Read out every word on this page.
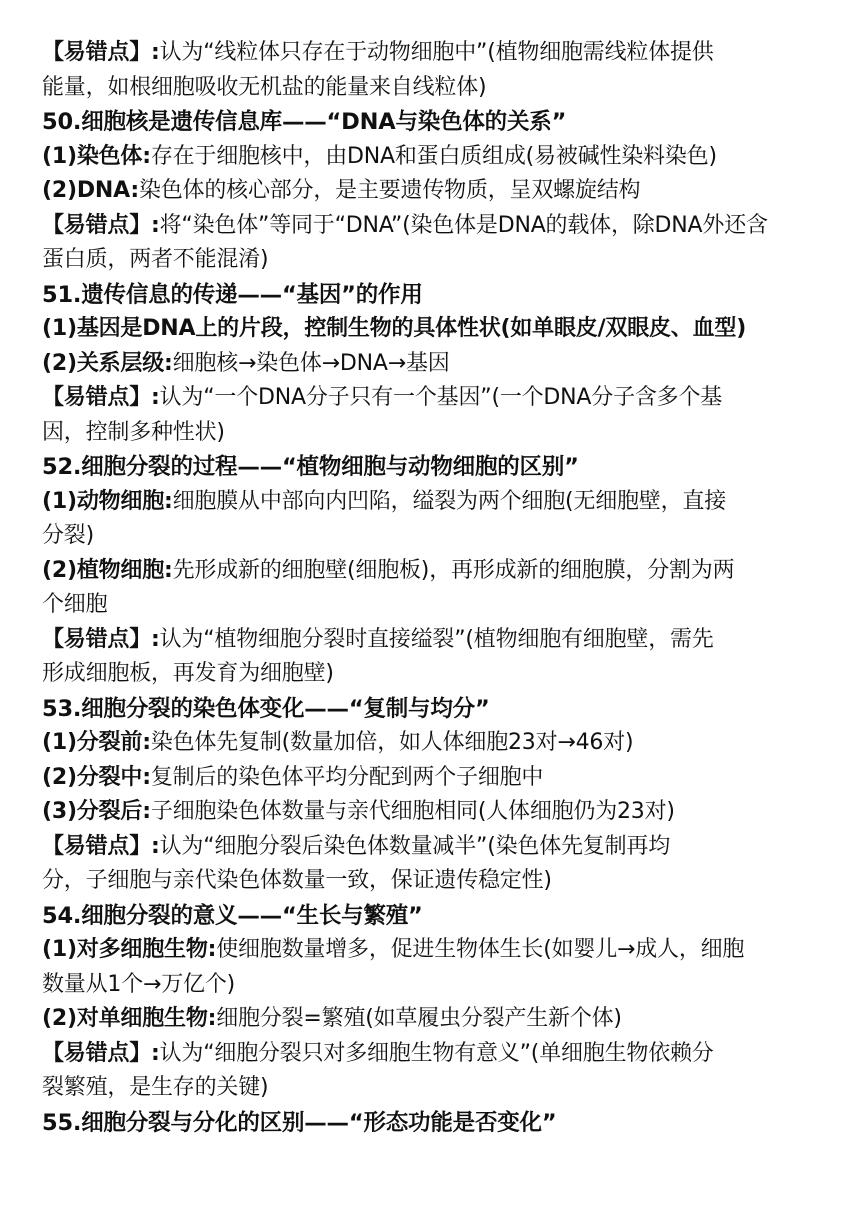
【易错点】:认为“线粒体只存在于动物细胞中”(植物细胞需线粒体提供
能量，如根细胞吸收无机盐的能量来自线粒体)
50.细胞核是遗传信息库——“DNA与染色体的关系”
(1)染色体:存在于细胞核中，由DNA和蛋白质组成(易被碱性染料染色)
(2)DNA:染色体的核心部分，是主要遗传物质，呈双螺旋结构
【易错点】:将“染色体”等同于“DNA”(染色体是DNA的载体，除DNA外还含
蛋白质，两者不能混淆)
51.遗传信息的传递——“基因”的作用
(1)基因是DNA上的片段，控制生物的具体性状(如单眼皮/双眼皮、血型)
(2)关系层级:细胞核→染色体→DNA→基因
【易错点】:认为“一个DNA分子只有一个基因”(一个DNA分子含多个基
因，控制多种性状)
52.细胞分裂的过程——“植物细胞与动物细胞的区别”
(1)动物细胞:细胞膜从中部向内凹陷，缢裂为两个细胞(无细胞壁，直接
分裂)
(2)植物细胞:先形成新的细胞壁(细胞板)，再形成新的细胞膜，分割为两
个细胞
【易错点】:认为“植物细胞分裂时直接缢裂”(植物细胞有细胞壁，需先
形成细胞板，再发育为细胞壁)
53.细胞分裂的染色体变化——“复制与均分”
(1)分裂前:染色体先复制(数量加倍，如人体细胞23对→46对)
(2)分裂中:复制后的染色体平均分配到两个子细胞中
(3)分裂后:子细胞染色体数量与亲代细胞相同(人体细胞仍为23对)
【易错点】:认为“细胞分裂后染色体数量减半”(染色体先复制再均
分，子细胞与亲代染色体数量一致，保证遗传稳定性)
54.细胞分裂的意义——“生长与繁殖”
(1)对多细胞生物:使细胞数量增多，促进生物体生长(如婴儿→成人，细胞
数量从1个→万亿个)
(2)对单细胞生物:细胞分裂=繁殖(如草履虫分裂产生新个体)
【易错点】:认为“细胞分裂只对多细胞生物有意义”(单细胞生物依赖分
裂繁殖，是生存的关键)
55.细胞分裂与分化的区别——“形态功能是否变化”
